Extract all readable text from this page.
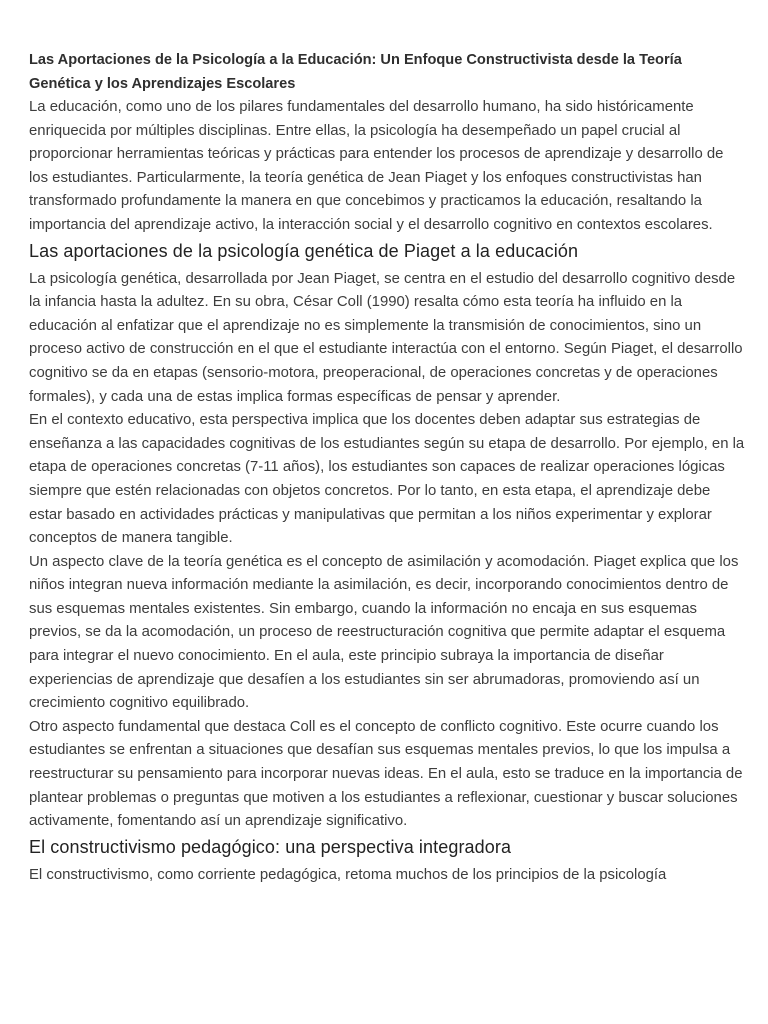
Las Aportaciones de la Psicología a la Educación: Un Enfoque Constructivista desde la Teoría Genética y los Aprendizajes Escolares

La educación, como uno de los pilares fundamentales del desarrollo humano, ha sido históricamente enriquecida por múltiples disciplinas. Entre ellas, la psicología ha desempeñado un papel crucial al proporcionar herramientas teóricas y prácticas para entender los procesos de aprendizaje y desarrollo de los estudiantes. Particularmente, la teoría genética de Jean Piaget y los enfoques constructivistas han transformado profundamente la manera en que concebimos y practicamos la educación, resaltando la importancia del aprendizaje activo, la interacción social y el desarrollo cognitivo en contextos escolares.

Las aportaciones de la psicología genética de Piaget a la educación

La psicología genética, desarrollada por Jean Piaget, se centra en el estudio del desarrollo cognitivo desde la infancia hasta la adultez. En su obra, César Coll (1990) resalta cómo esta teoría ha influido en la educación al enfatizar que el aprendizaje no es simplemente la transmisión de conocimientos, sino un proceso activo de construcción en el que el estudiante interactúa con el entorno. Según Piaget, el desarrollo cognitivo se da en etapas (sensorio-motora, preoperacional, de operaciones concretas y de operaciones formales), y cada una de estas implica formas específicas de pensar y aprender.

En el contexto educativo, esta perspectiva implica que los docentes deben adaptar sus estrategias de enseñanza a las capacidades cognitivas de los estudiantes según su etapa de desarrollo. Por ejemplo, en la etapa de operaciones concretas (7-11 años), los estudiantes son capaces de realizar operaciones lógicas siempre que estén relacionadas con objetos concretos. Por lo tanto, en esta etapa, el aprendizaje debe estar basado en actividades prácticas y manipulativas que permitan a los niños experimentar y explorar conceptos de manera tangible.

Un aspecto clave de la teoría genética es el concepto de asimilación y acomodación. Piaget explica que los niños integran nueva información mediante la asimilación, es decir, incorporando conocimientos dentro de sus esquemas mentales existentes. Sin embargo, cuando la información no encaja en sus esquemas previos, se da la acomodación, un proceso de reestructuración cognitiva que permite adaptar el esquema para integrar el nuevo conocimiento. En el aula, este principio subraya la importancia de diseñar experiencias de aprendizaje que desafíen a los estudiantes sin ser abrumadoras, promoviendo así un crecimiento cognitivo equilibrado.

Otro aspecto fundamental que destaca Coll es el concepto de conflicto cognitivo. Este ocurre cuando los estudiantes se enfrentan a situaciones que desafían sus esquemas mentales previos, lo que los impulsa a reestructurar su pensamiento para incorporar nuevas ideas. En el aula, esto se traduce en la importancia de plantear problemas o preguntas que motiven a los estudiantes a reflexionar, cuestionar y buscar soluciones activamente, fomentando así un aprendizaje significativo.

El constructivismo pedagógico: una perspectiva integradora

El constructivismo, como corriente pedagógica, retoma muchos de los principios de la psicología
